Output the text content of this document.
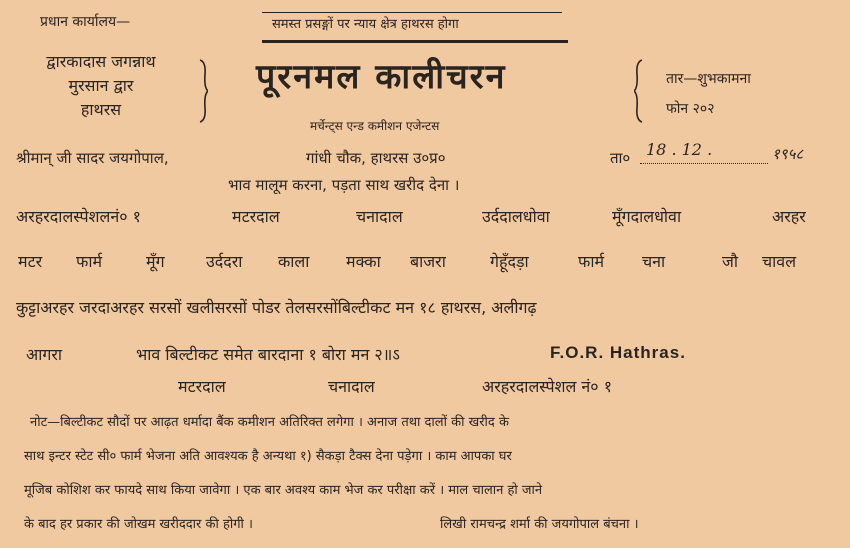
प्रधान कार्यालय—	समस्त प्रसङ्गों पर न्याय क्षेत्र हाथरस होगा
द्वारकादास जगन्नाथ
मुरसान द्वार
हाथरस
पूरनमल कालीचरन
मर्चेन्ट्स एन्ड कमीशन एजेन्टस
तार—शुभकामना
फोन २०२
श्रीमान् जी सादर जयगोपाल,	गांधी चौक, हाथरस उ०प्र०	ता० 18 . 12 .	१९५८
भाव मालूम करना, पड़ता साथ खरीद देना ।
अरहरदालस्पेशलनं० १	मटरदाल	चनादाल	उर्ददालधोवा	मूँगदालधोवा	अरहर
मटर फार्म	मूँग	उर्ददरा काला मक्का बाजरा	गेहूँदड़ा	फार्म चना	जौ चावल
कुट्टाअरहर जरदाअरहर सरसों खलीसरसों पोडर तेलसरसोंबिल्टीकट मन १८ हाथरस, अलीगढ़
आगरा	भाव बिल्टीकट समेत बारदाना १ बोरा मन २॥ऽ	F.O.R. Hathras.
मटरदाल	चनादाल	अरहरदालस्पेशल नं० १
नोट—बिल्टीकट सौदों पर आढ़त धर्मादा बैंक कमीशन अतिरिक्त लगेगा । अनाज तथा दालों की खरीद के
साथ इन्टर स्टेट सी० फार्म भेजना अति आवश्यक है अन्यथा १) सैकड़ा टैक्स देना पड़ेगा । काम आपका घर
मूजिब कोशिश कर फायदे साथ किया जावेगा । एक बार अवश्य काम भेज कर परीक्षा करें । माल चालान हो जाने
के बाद हर प्रकार की जोखम खरीददार की होगी ।	लिखी रामचन्द्र शर्मा की जयगोपाल बंचना ।
